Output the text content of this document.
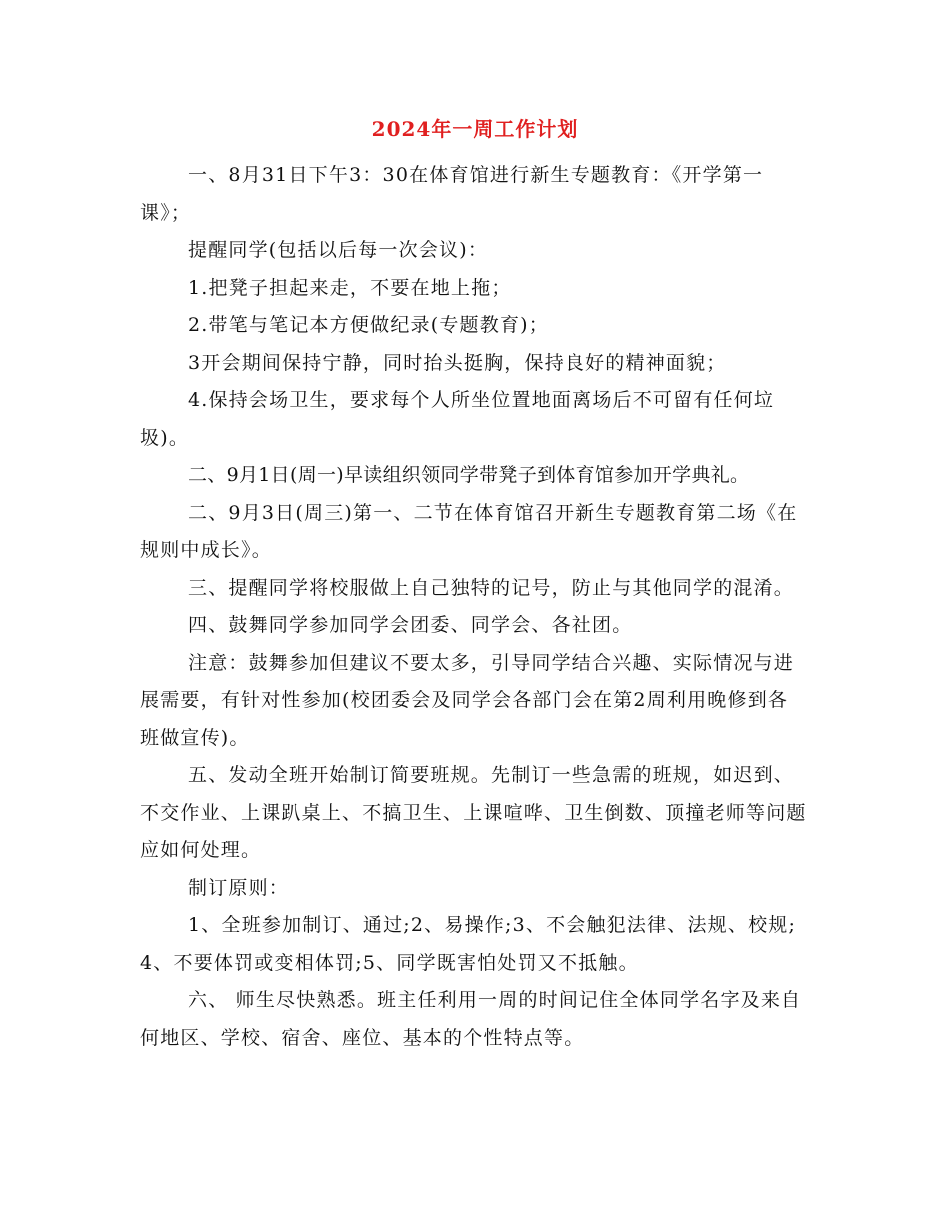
2024年一周工作计划

一、8月31日下午3：30在体育馆进行新生专题教育：《开学第一课》；

提醒同学(包括以后每一次会议)：

1.把凳子担起来走，不要在地上拖；

2.带笔与笔记本方便做纪录(专题教育)；

3开会期间保持宁静，同时抬头挺胸，保持良好的精神面貌；

4.保持会场卫生，要求每个人所坐位置地面离场后不可留有任何垃圾)。

二、9月1日(周一)早读组织领同学带凳子到体育馆参加开学典礼。

二、9月3日(周三)第一、二节在体育馆召开新生专题教育第二场《在规则中成长》。

三、提醒同学将校服做上自己独特的记号，防止与其他同学的混淆。

四、鼓舞同学参加同学会团委、同学会、各社团。

注意：鼓舞参加但建议不要太多，引导同学结合兴趣、实际情况与进展需要，有针对性参加(校团委会及同学会各部门会在第2周利用晚修到各班做宣传)。

五、发动全班开始制订简要班规。先制订一些急需的班规，如迟到、不交作业、上课趴桌上、不搞卫生、上课喧哗、卫生倒数、顶撞老师等问题应如何处理。

制订原则：

1、全班参加制订、通过;2、易操作;3、不会触犯法律、法规、校规;4、不要体罚或变相体罚;5、同学既害怕处罚又不抵触。

六、 师生尽快熟悉。班主任利用一周的时间记住全体同学名字及来自何地区、学校、宿舍、座位、基本的个性特点等。
